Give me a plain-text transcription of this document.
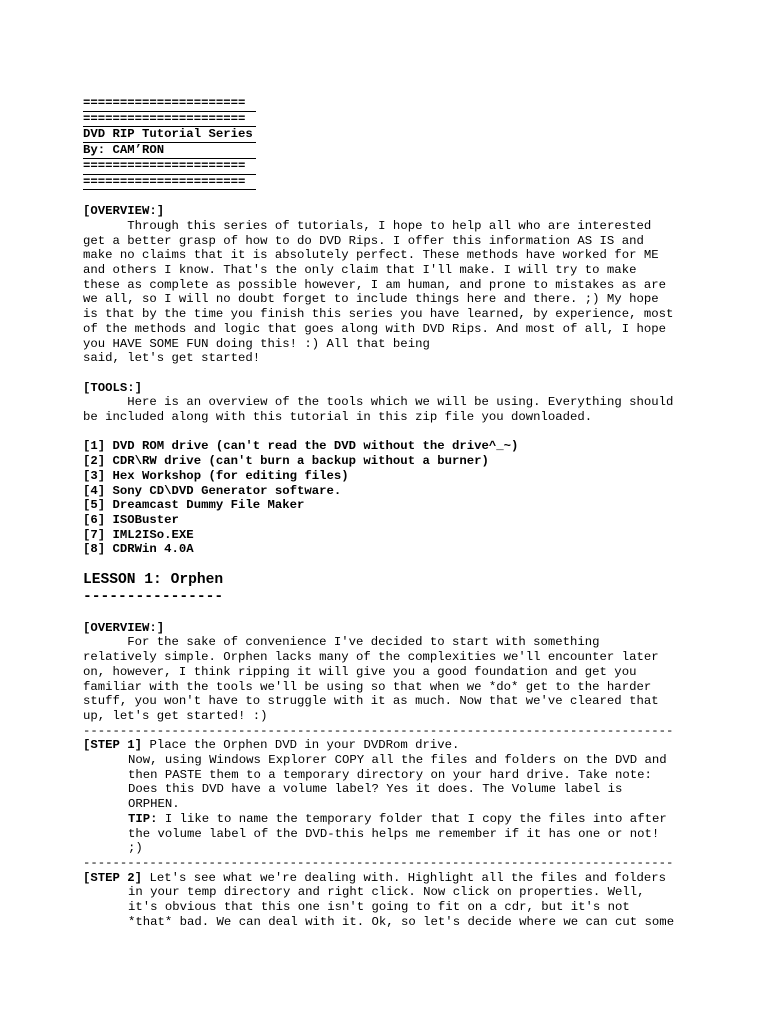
======================
======================
DVD RIP Tutorial Series
By: CAM’RON
======================
======================

[OVERVIEW:]

Through this series of tutorials, I hope to help all who are interested
get a better grasp of how to do DVD Rips. I offer this information AS IS and
make no claims that it is absolutely perfect. These methods have worked for ME
and others I know. That's the only claim that I'll make. I will try to make
these as complete as possible however, I am human, and prone to mistakes as are
we all, so I will no doubt forget to include things here and there. ;) My hope
is that by the time you finish this series you have learned, by experience, most
of the methods and logic that goes along with DVD Rips. And most of all, I hope
you HAVE SOME FUN doing this! :) All that being
said, let's get started!

[TOOLS:]

Here is an overview of the tools which we will be using. Everything should
be included along with this tutorial in this zip file you downloaded.

[1] DVD ROM drive (can't read the DVD without the drive^_~)
[2] CDR\RW drive (can't burn a backup without a burner)
[3] Hex Workshop (for editing files)
[4] Sony CD\DVD Generator software.
[5] Dreamcast Dummy File Maker
[6] ISOBuster
[7] IML2ISo.EXE
[8] CDRWin 4.0A

LESSON 1: Orphen

----------------

[OVERVIEW:]

For the sake of convenience I've decided to start with something
relatively simple. Orphen lacks many of the complexities we'll encounter later
on, however, I think ripping it will give you a good foundation and get you
familiar with the tools we'll be using so that when we *do* get to the harder
stuff, you won't have to struggle with it as much. Now that we've cleared that
up, let's get started! :)

--------------------------------------------------------------------------------

[STEP 1] Place the Orphen DVD in your DVDRom drive.

Now, using Windows Explorer COPY all the files and folders on the DVD and
then PASTE them to a temporary directory on your hard drive. Take note:
Does this DVD have a volume label? Yes it does. The Volume label is
ORPHEN.

TIP: I like to name the temporary folder that I copy the files into after
the volume label of the DVD-this helps me remember if it has one or not!
;)

--------------------------------------------------------------------------------

[STEP 2] Let's see what we're dealing with. Highlight all the files and folders

in your temp directory and right click. Now click on properties. Well,
it's obvious that this one isn't going to fit on a cdr, but it's not
*that* bad. We can deal with it. Ok, so let's decide where we can cut some
